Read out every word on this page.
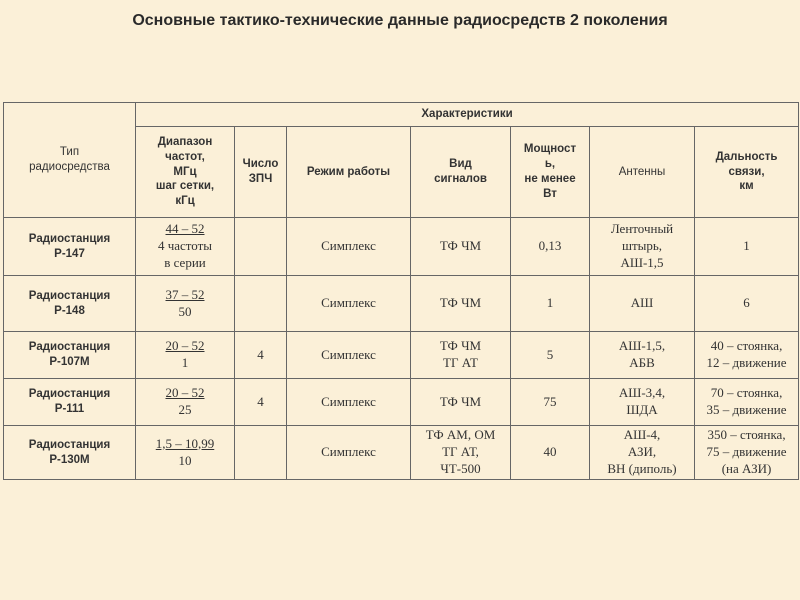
Основные тактико-технические данные радиосредств 2 поколения
Тип
радиосредства	Характеристики						
	Диапазон
частот,
МГц
шаг сетки,
кГц	Число
ЗПЧ	Режим работы	Вид
сигналов	Мощност
ь,
не менее
Вт	Антенны	Дальность
связи,
км
Радиостанция
Р-147	44 – 52
4 частоты
в серии		Симплекс	ТФ ЧМ	0,13	Ленточный
штырь,
АШ-1,5	1
Радиостанция
Р-148	37 – 52
50		Симплекс	ТФ ЧМ	1	АШ	6
Радиостанция
Р-107М	20 – 52
1	4	Симплекс	ТФ ЧМ
ТГ АТ	5	АШ-1,5,
АБВ	40 – стоянка,
12 – движение
Радиостанция
Р-111	20 – 52
25	4	Симплекс	ТФ ЧМ	75	АШ-3,4,
ШДА	70 – стоянка,
35 – движение
Радиостанция
Р-130М	1,5 – 10,99
10		Симплекс	ТФ АМ, ОМ
ТГ АТ,
ЧТ-500	40	АШ-4,
АЗИ,
ВН (диполь)	350 – стоянка,
75 – движение
(на АЗИ)
